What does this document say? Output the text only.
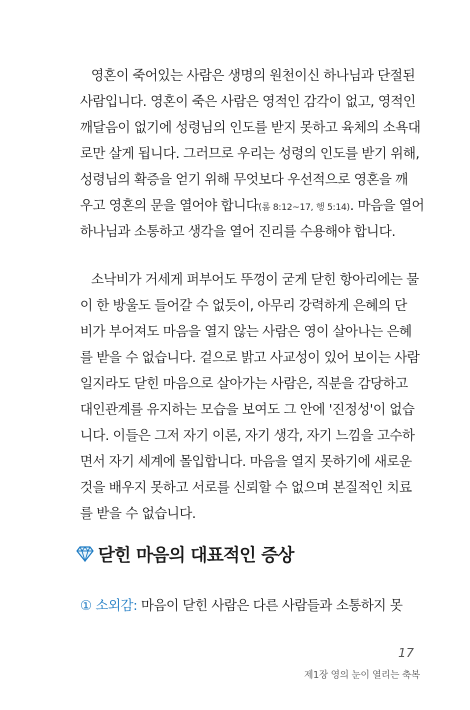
영혼이 죽어있는 사람은 생명의 원천이신 하나님과 단절된
사람입니다. 영혼이 죽은 사람은 영적인 감각이 없고, 영적인
깨달음이 없기에 성령님의 인도를 받지 못하고 육체의 소욕대
로만 살게 됩니다. 그러므로 우리는 성령의 인도를 받기 위해,
성령님의 확증을 얻기 위해 무엇보다 우선적으로 영혼을 깨
우고 영혼의 문을 열어야 합니다(롬 8:12~17, 행 5:14). 마음을 열어
하나님과 소통하고 생각을 열어 진리를 수용해야 합니다.
소낙비가 거세게 퍼부어도 뚜껑이 굳게 닫힌 항아리에는 물
이 한 방울도 들어갈 수 없듯이, 아무리 강력하게 은혜의 단
비가 부어져도 마음을 열지 않는 사람은 영이 살아나는 은혜
를 받을 수 없습니다. 겉으로 밝고 사교성이 있어 보이는 사람
일지라도 닫힌 마음으로 살아가는 사람은, 직분을 감당하고
대인관계를 유지하는 모습을 보여도 그 안에 '진정성'이 없습
니다. 이들은 그저 자기 이론, 자기 생각, 자기 느낌을 고수하
면서 자기 세계에 몰입합니다. 마음을 열지 못하기에 새로운
것을 배우지 못하고 서로를 신뢰할 수 없으며 본질적인 치료
를 받을 수 없습니다.
닫힌 마음의 대표적인 증상
① 소외감: 마음이 닫힌 사람은 다른 사람들과 소통하지 못
17
제1장 영의 눈이 열리는 축복
